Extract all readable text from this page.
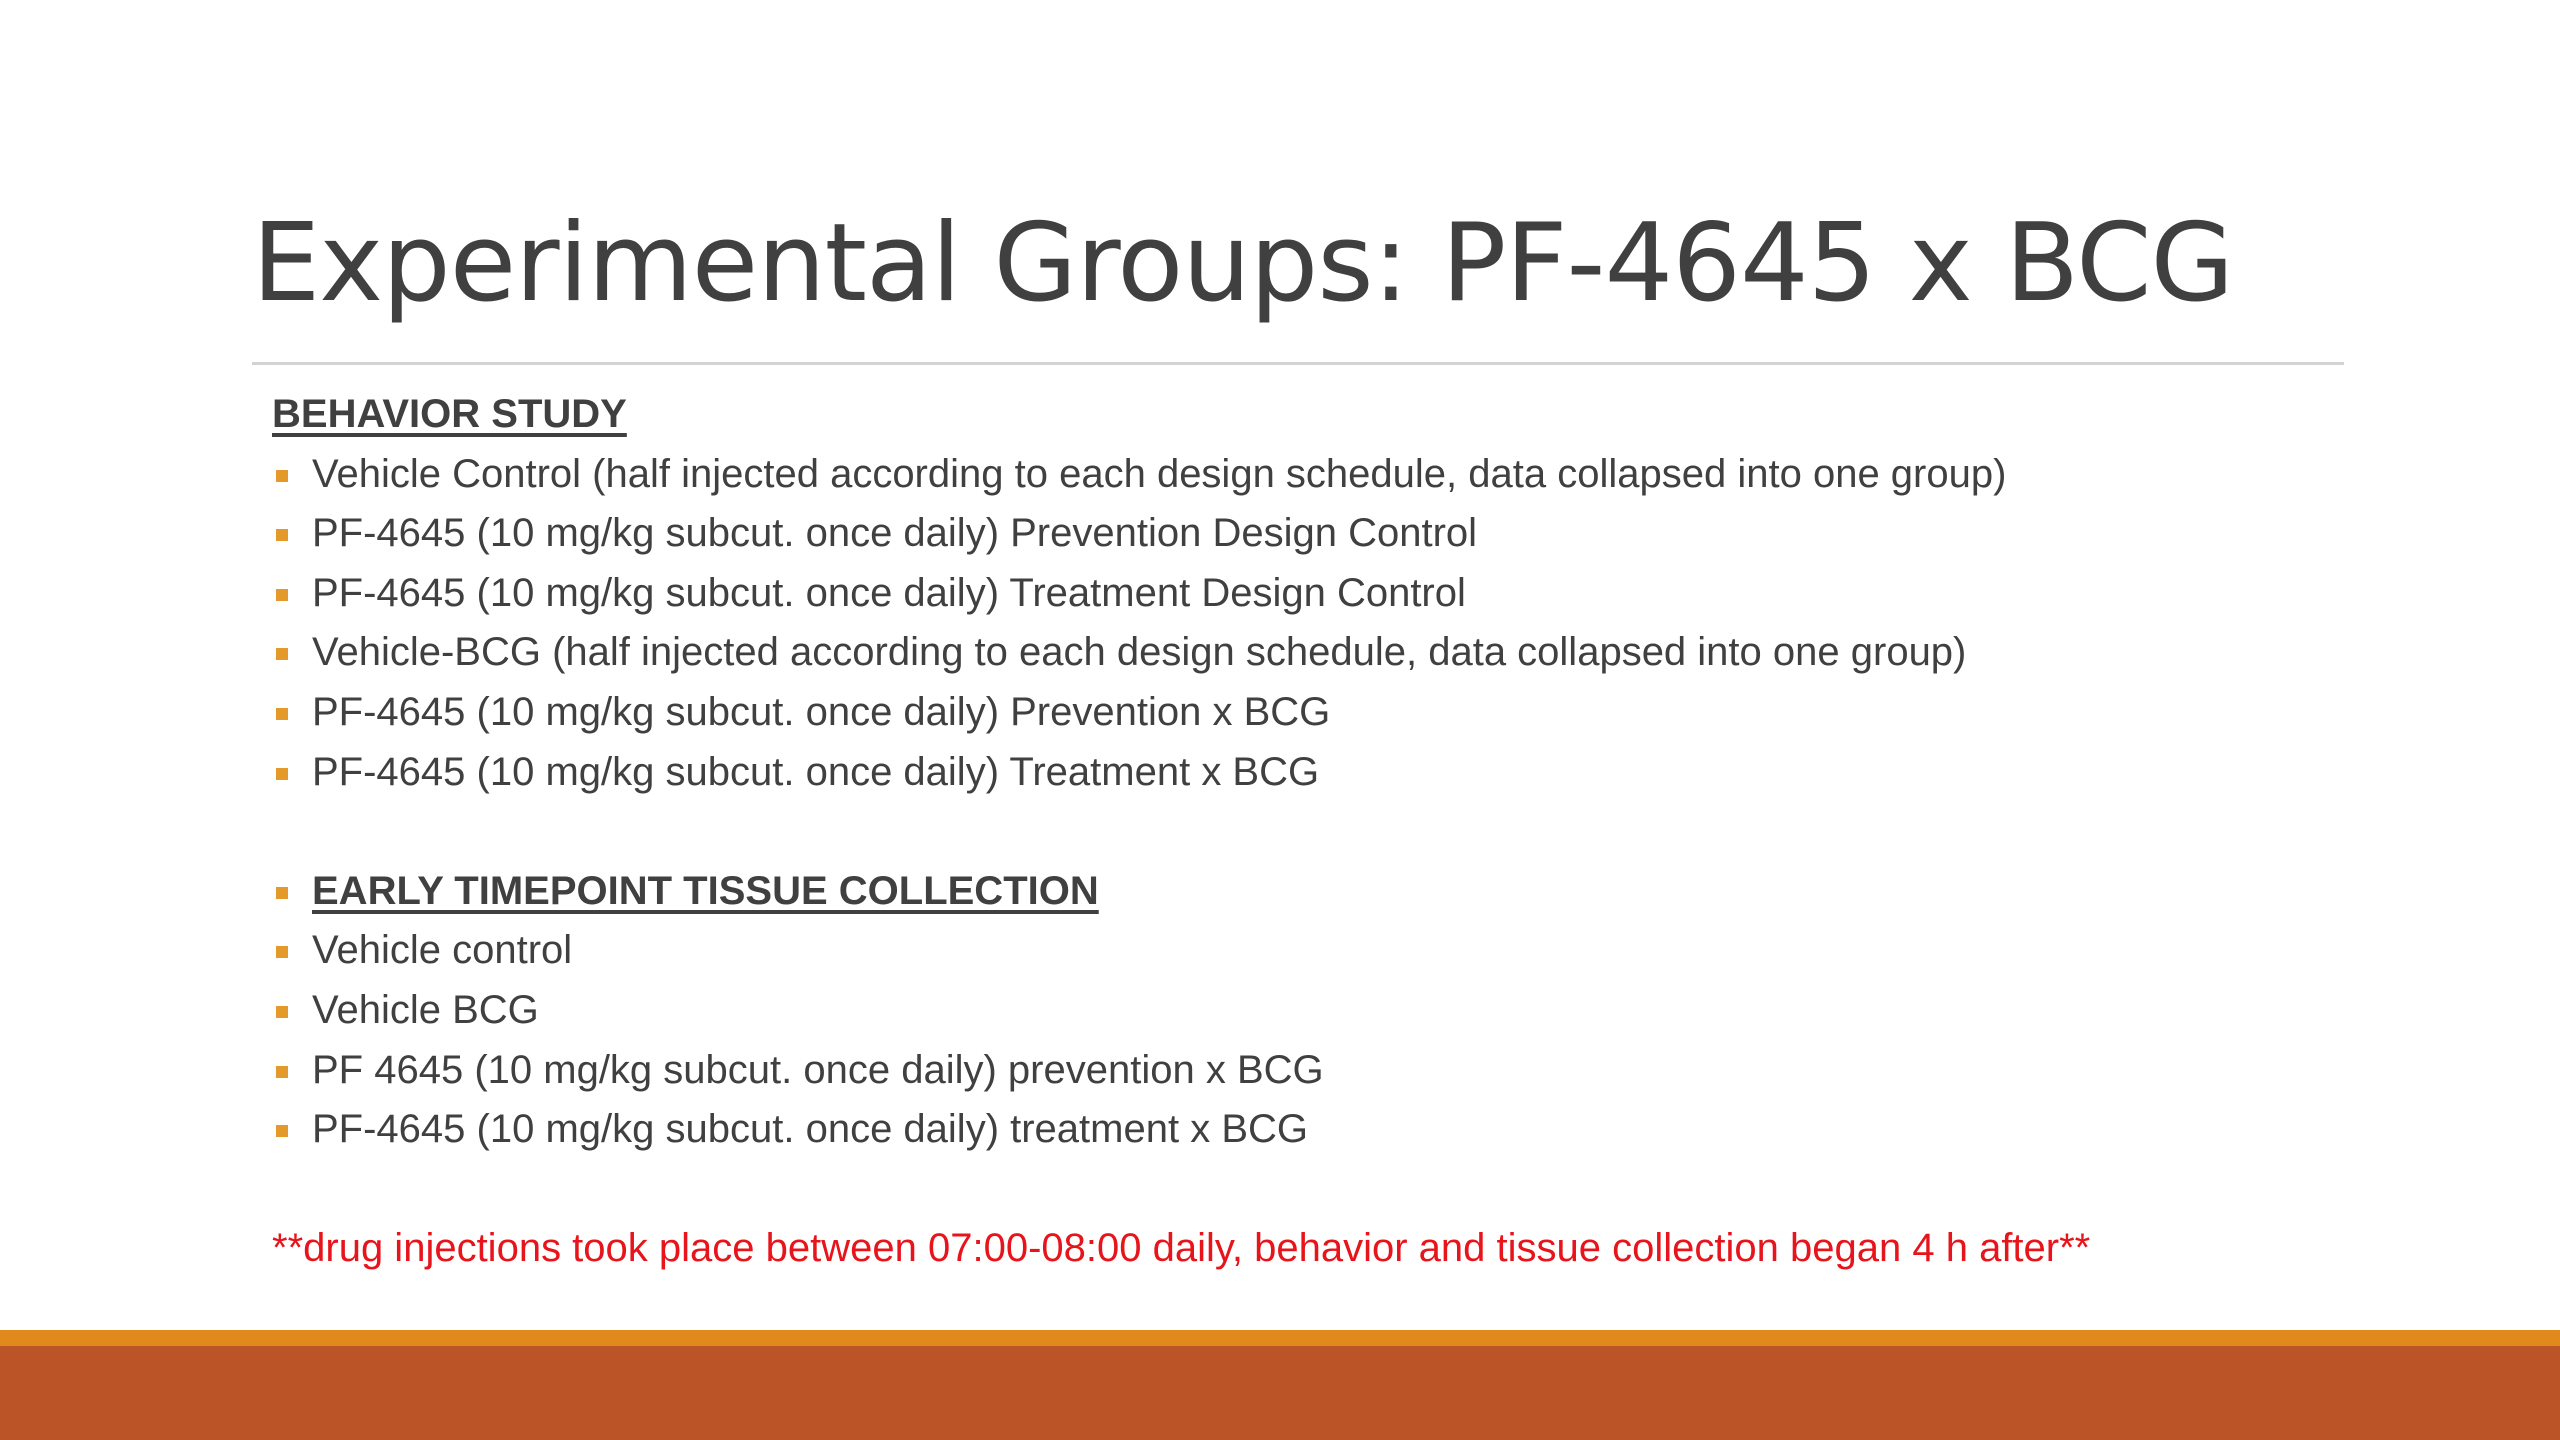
Experimental Groups: PF-4645 x BCG
BEHAVIOR STUDY
Vehicle Control (half injected according to each design schedule, data collapsed into one group)
PF-4645 (10 mg/kg subcut. once daily) Prevention Design Control
PF-4645 (10 mg/kg subcut. once daily) Treatment Design Control
Vehicle-BCG (half injected according to each design schedule, data collapsed into one group)
PF-4645 (10 mg/kg subcut. once daily) Prevention x BCG
PF-4645 (10 mg/kg subcut. once daily) Treatment x BCG
EARLY TIMEPOINT TISSUE COLLECTION
Vehicle control
Vehicle BCG
PF 4645 (10 mg/kg subcut. once daily) prevention x BCG
PF-4645 (10 mg/kg subcut. once daily) treatment x BCG
**drug injections took place between 07:00-08:00 daily, behavior and tissue collection began 4 h after**
